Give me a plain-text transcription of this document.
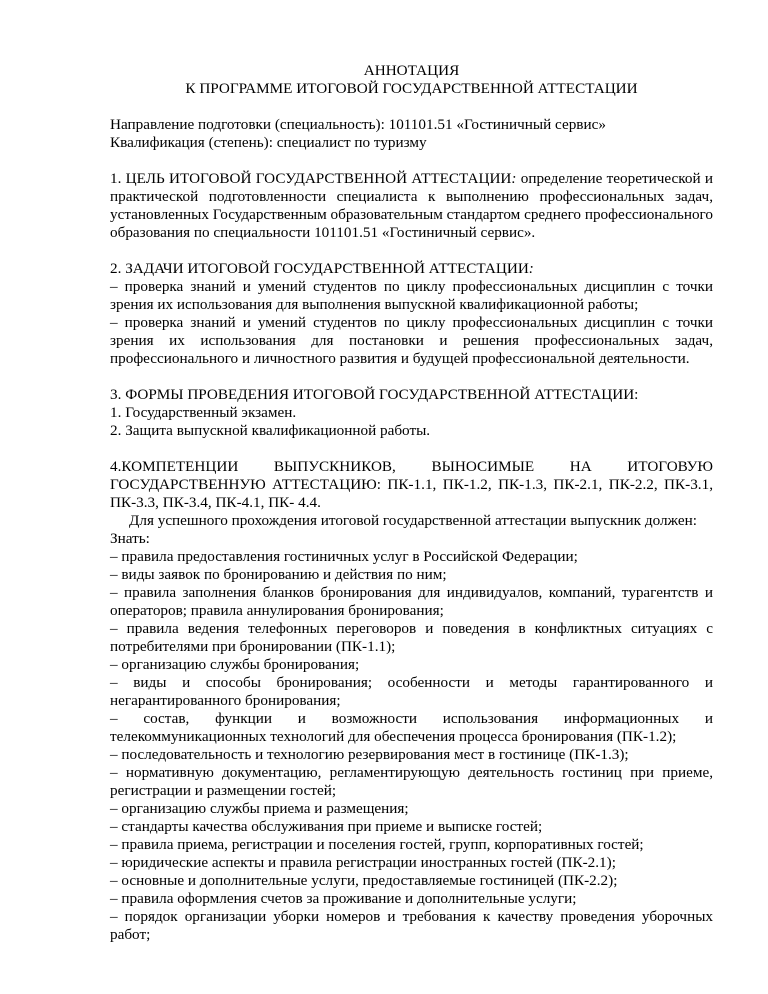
АННОТАЦИЯ

К ПРОГРАММЕ ИТОГОВОЙ ГОСУДАРСТВЕННОЙ АТТЕСТАЦИИ

Направление подготовки (специальность): 101101.51 «Гостиничный сервис»

Квалификация (степень): специалист по туризму

1. ЦЕЛЬ ИТОГОВОЙ ГОСУДАРСТВЕННОЙ АТТЕСТАЦИИ: определение теоретической и практической подготовленности специалиста к выполнению профессиональных задач, установленных Государственным образовательным стандартом среднего профессионального образования по специальности 101101.51 «Гостиничный сервис».

2. ЗАДАЧИ ИТОГОВОЙ ГОСУДАРСТВЕННОЙ АТТЕСТАЦИИ:

– проверка знаний и умений студентов по циклу профессиональных дисциплин с точки зрения их использования для выполнения выпускной квалификационной работы;

– проверка знаний и умений студентов по циклу профессиональных дисциплин с точки зрения их использования для постановки и решения профессиональных задач, профессионального и личностного развития и будущей профессиональной деятельности.

3. ФОРМЫ ПРОВЕДЕНИЯ ИТОГОВОЙ ГОСУДАРСТВЕННОЙ АТТЕСТАЦИИ:

1. Государственный экзамен.

2. Защита выпускной квалификационной работы.

4.КОМПЕТЕНЦИИ ВЫПУСКНИКОВ, ВЫНОСИМЫЕ НА ИТОГОВУЮ

ГОСУДАРСТВЕННУЮ АТТЕСТАЦИЮ: ПК-1.1, ПК-1.2, ПК-1.3, ПК-2.1, ПК-2.2, ПК-3.1, ПК-3.3, ПК-3.4, ПК-4.1, ПК- 4.4.

Для успешного прохождения итоговой государственной аттестации выпускник должен:

Знать:

– правила предоставления гостиничных услуг в Российской Федерации;

– виды заявок по бронированию и действия по ним;

– правила заполнения бланков бронирования для индивидуалов, компаний, турагентств и операторов; правила аннулирования бронирования;

– правила ведения телефонных переговоров и поведения в конфликтных ситуациях с потребителями при бронировании (ПК-1.1);

– организацию службы бронирования;

– виды и способы бронирования; особенности и методы гарантированного и негарантированного бронирования;

– состав, функции и возможности использования информационных и телекоммуникационных технологий для обеспечения процесса бронирования (ПК-1.2);

– последовательность и технологию резервирования мест в гостинице (ПК-1.3);

– нормативную документацию, регламентирующую деятельность гостиниц при приеме, регистрации и размещении гостей;

– организацию службы приема и размещения;

– стандарты качества обслуживания при приеме и выписке гостей;

– правила приема, регистрации и поселения гостей, групп, корпоративных гостей;

– юридические аспекты и правила регистрации иностранных гостей (ПК-2.1);

– основные и дополнительные услуги, предоставляемые гостиницей (ПК-2.2);

– правила оформления счетов за проживание и дополнительные услуги;

– порядок организации уборки номеров и требования к качеству проведения уборочных работ;
